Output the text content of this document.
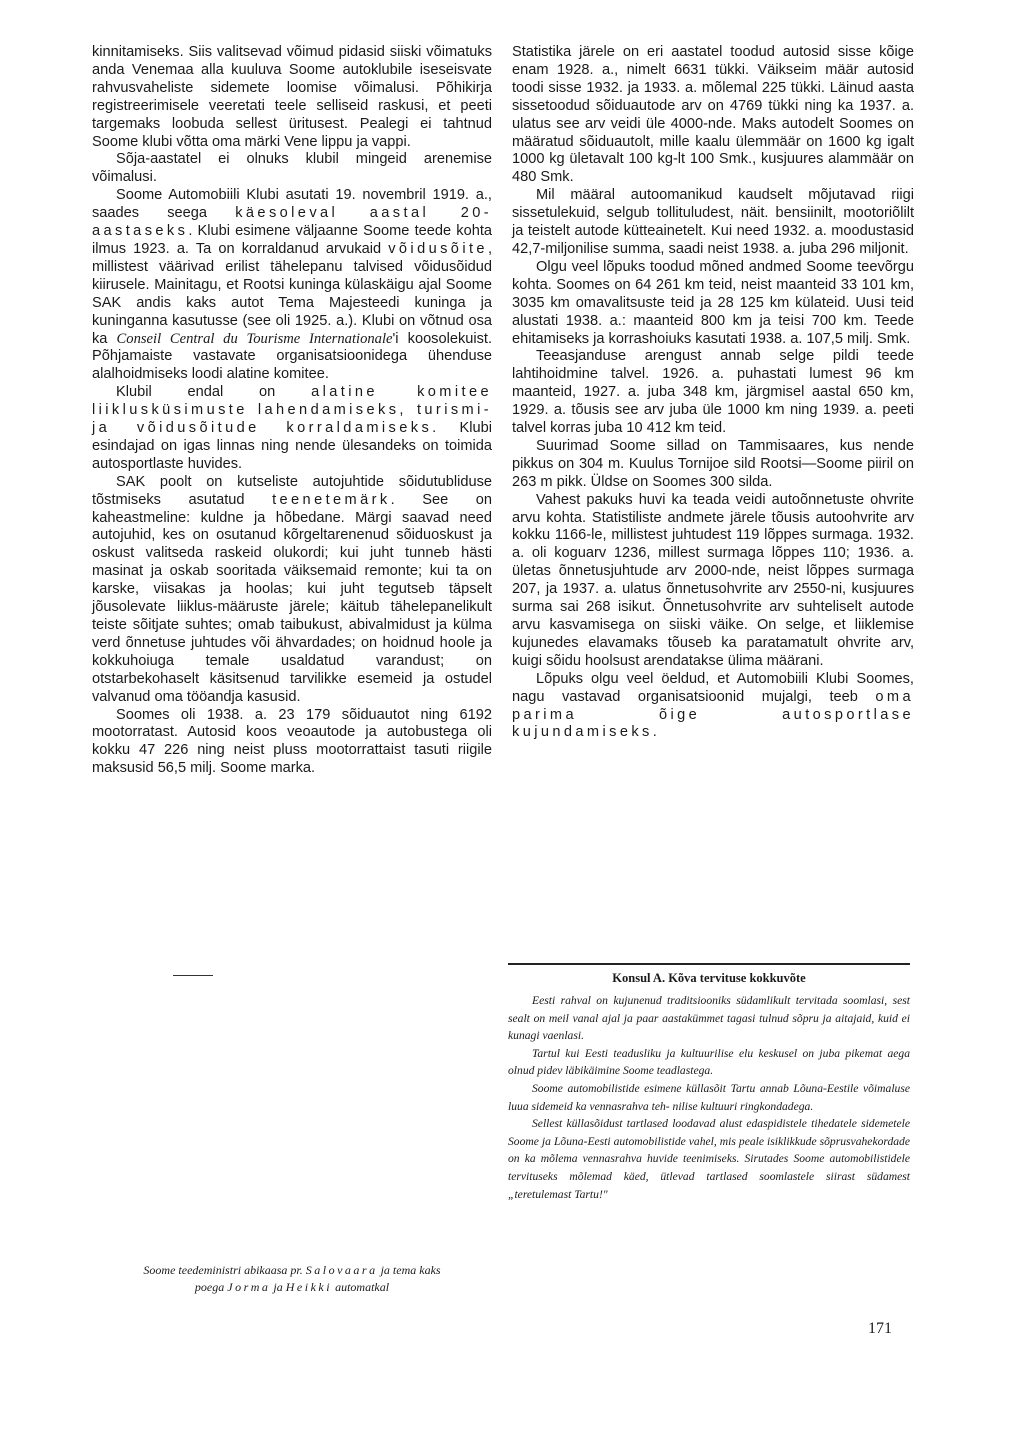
kinnitamiseks. Siis valitsevad võimud pidasid siiski võimatuks anda Venemaa alla kuuluva Soome autoklubile iseseisvate rahvusvaheliste sidemete loomise võimalusi. Põhikirja registreerimisele veeretati teele selliseid raskusi, et peeti targemaks loobuda sellest üritusest. Pealegi ei tahtnud Soome klubi võtta oma märki Vene lippu ja vappi.

Sõja-aastatel ei olnuks klubil mingeid arenemise võimalusi.

Soome Automobiili Klubi asutati 19. novembril 1919. a., saades seega käesoleval aastal 20-aastaseks. Klubi esimene väljaanne Soome teede kohta ilmus 1923. a. Ta on korraldanud arvukaid võidusõite, millistest väärivad erilist tähelepanu talvised võidusõidud kiirusele. Mainitagu, et Rootsi kuninga külaskäigu ajal Soome SAK andis kaks autot Tema Majesteedi kuninga ja kuninganna kasutusse (see oli 1925. a.). Klubi on võtnud osa ka Conseil Central du Tourisme Internationale'i koosolekuist. Põhjamaiste vastavate organisatsioonidega ühenduse alalhoidmiseks loodi alatine komitee.

Klubil endal on alatine komitee liiklusküsimuste lahendamiseks, turismi- ja võidusõitude korraldamiseks. Klubi esindajad on igas linnas ning nende ülesandeks on toimida autosportlaste huvides.

SAK poolt on kutseliste autojuhtide sõidutubliduse tõstmiseks asutatud teenetemärk. See on kaheastmeline: kuldne ja hõbedane. Märgi saavad need autojuhid, kes on osutanud kõrgeltarenenud sõiduoskust ja oskust valitseda raskeid olukordi; kui juht tunneb hästi masinat ja oskab sooritada väiksemaid remonte; kui ta on karske, viisakas ja hoolas; kui juht tegutseb täpselt jõusolevate liiklus-määruste järele; käitub tähelepanelikult teiste sõitjate suhtes; omab taibukust, abivalmidust ja külma verd õnnetuse juhtudes või ähvardades; on hoidnud hoole ja kokkuhoiuga temale usaldatud varandust; on otstarbekohaselt käsitsenud tarvilikke esemeid ja ostudel valvanud oma tööandja kasusid.

Soomes oli 1938. a. 23 179 sõiduautot ning 6192 mootorratast. Autosid koos veoautode ja autobustega oli kokku 47 226 ning neist pluss mootorrattaist tasuti riigile maksusid 56,5 milj. Soome marka.

Soome teedeministri abikaasa pr. Salovaara ja tema kaks
poega Jorma ja Heikki automatkal

Statistika järele on eri aastatel toodud autosid sisse kõige enam 1928. a., nimelt 6631 tükki. Väikseim määr autosid toodi sisse 1932. ja 1933. a. mõlemal 225 tükki. Läinud aasta sissetoodud sõiduautode arv on 4769 tükki ning ka 1937. a. ulatus see arv veidi üle 4000-nde. Maks autodelt Soomes on määratud sõiduautolt, mille kaalu ülemmäär on 1600 kg igalt 1000 kg ületavalt 100 kg-lt 100 Smk., kusjuures alammäär on 480 Smk.

Mil määral autoomanikud kaudselt mõjutavad riigi sissetulekuid, selgub tollituludest, näit. bensiinilt, mootoriõlilt ja teistelt autode kütteainetelt. Kui need 1932. a. moodustasid 42,7-miljonilise summa, saadi neist 1938. a. juba 296 miljonit.

Olgu veel lõpuks toodud mõned andmed Soome teevõrgu kohta. Soomes on 64 261 km teid, neist maanteid 33 101 km, 3035 km omavalitsuste teid ja 28 125 km külateid. Uusi teid alustati 1938. a.: maanteid 800 km ja teisi 700 km. Teede ehitamiseks ja korrashoiuks kasutati 1938. a. 107,5 milj. Smk.

Teeasjanduse arengust annab selge pildi teede lahtihoidmine talvel. 1926. a. puhastati lumest 96 km maanteid, 1927. a. juba 348 km, järgmisel aastal 650 km, 1929. a. tõusis see arv juba üle 1000 km ning 1939. a. peeti talvel korras juba 10 412 km teid.

Suurimad Soome sillad on Tammisaares, kus nende pikkus on 304 m. Kuulus Tornijoe sild Rootsi—Soome piiril on 263 m pikk. Üldse on Soomes 300 silda.

Vahest pakuks huvi ka teada veidi autoõnnetuste ohvrite arvu kohta. Statistiliste andmete järele tõusis autoohvrite arv kokku 1166-le, millistest juhtudest 119 lõppes surmaga. 1932. a. oli koguarv 1236, millest surmaga lõppes 110; 1936. a. ületas õnnetusjuhtude arv 2000-nde, neist lõppes surmaga 207, ja 1937. a. ulatus õnnetusohvrite arv 2550-ni, kusjuures surma sai 268 isikut. Õnnetusohvrite arv suhteliselt autode arvu kasvamisega on siiski väike. On selge, et liiklemise kujunedes elavamaks tõuseb ka paratamatult ohvrite arv, kuigi sõidu hoolsust arendatakse ülima määrani.

Lõpuks olgu veel öeldud, et Automobiili Klubi Soomes, nagu vastavad organisatsioonid mujalgi, teeb oma parima õige autosportlase kujundamiseks.

Konsul A. Kõva tervituse kokkuvõte

Eesti rahval on kujunenud traditsiooniks südamlikult tervitada soomlasi, sest sealt on meil vanal ajal ja paar aastakümmet tagasi tulnud sõpru ja aitajaid, kuid ei kunagi vaenlasi.

Tartul kui Eesti teadusliku ja kultuurilise elu keskusel on juba pikemat aega olnud pidev läbikäimine Soome teadlastega.

Soome automobilistide esimene küllasõit Tartu annab Lõuna-Eestile võimaluse luua sidemeid ka vennasrahva teh- nilise kultuuri ringkondadega.

Sellest küllasõidust tartlased loodavad alust edaspidistele tihedatele sidemetele Soome ja Lõuna-Eesti automobilistide vahel, mis peale isiklikkude sõprusvahekordade on ka mõlema vennasrahva huvide teenimiseks. Sirutades Soome automobilistidele tervituseks mõlemad käed, ütlevad tartlased soomlastele siirast südamest „teretulemast Tartu!"

171
